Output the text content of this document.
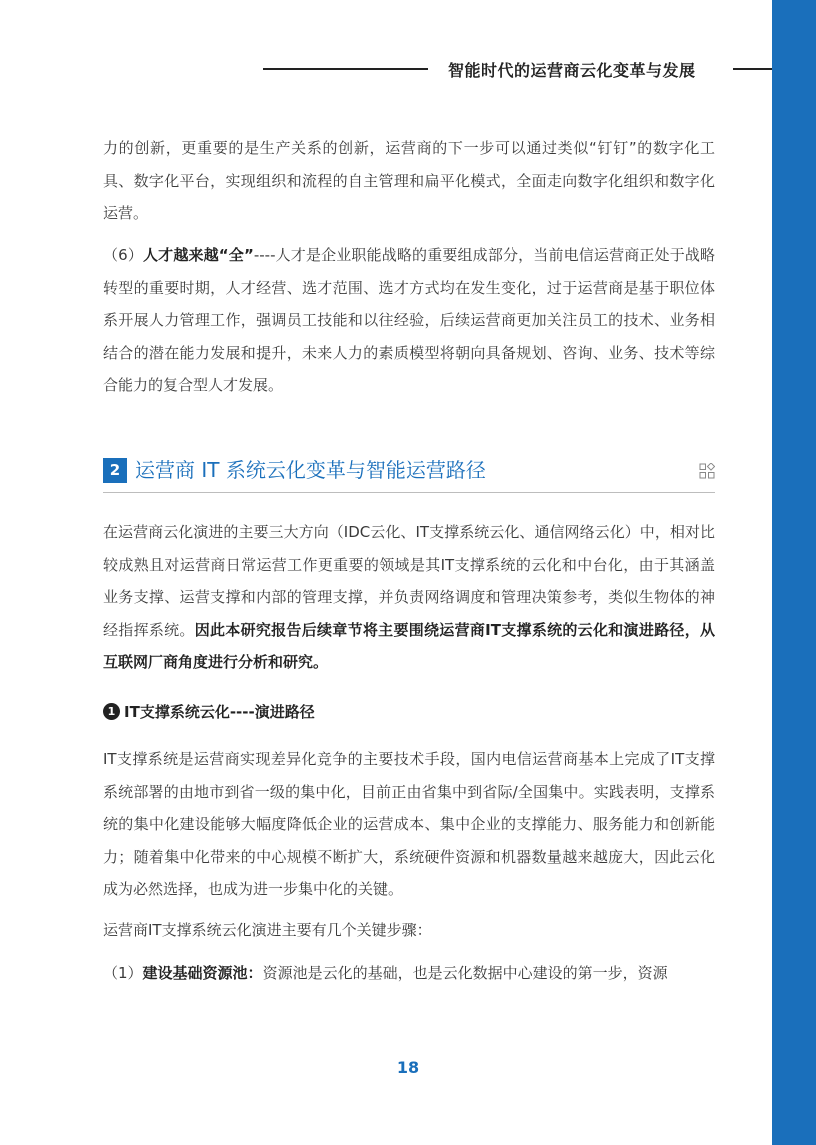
智能时代的运营商云化变革与发展

力的创新，更重要的是生产关系的创新，运营商的下一步可以通过类似“钉钉”的数字化工具、数字化平台，实现组织和流程的自主管理和扁平化模式，全面走向数字化组织和数字化运营。

（6）人才越来越“全”----人才是企业职能战略的重要组成部分，当前电信运营商正处于战略转型的重要时期，人才经营、选才范围、选才方式均在发生变化，过于运营商是基于职位体系开展人力管理工作，强调员工技能和以往经验，后续运营商更加关注员工的技术、业务相结合的潜在能力发展和提升，未来人力的素质模型将朝向具备规划、咨询、业务、技术等综合能力的复合型人才发展。

2 运营商 IT 系统云化变革与智能运营路径

在运营商云化演进的主要三大方向（IDC云化、IT支撑系统云化、通信网络云化）中，相对比较成熟且对运营商日常运营工作更重要的领域是其IT支撑系统的云化和中台化，由于其涵盖业务支撑、运营支撑和内部的管理支撑，并负责网络调度和管理决策参考，类似生物体的神经指挥系统。因此本研究报告后续章节将主要围绕运营商IT支撑系统的云化和演进路径，从互联网厂商角度进行分析和研究。

1 IT支撑系统云化----演进路径

IT支撑系统是运营商实现差异化竞争的主要技术手段，国内电信运营商基本上完成了IT支撑系统部署的由地市到省一级的集中化，目前正由省集中到省际/全国集中。实践表明，支撑系统的集中化建设能够大幅度降低企业的运营成本、集中企业的支撑能力、服务能力和创新能力；随着集中化带来的中心规模不断扩大，系统硬件资源和机器数量越来越庞大，因此云化成为必然选择，也成为进一步集中化的关键。

运营商IT支撑系统云化演进主要有几个关键步骤：

（1）建设基础资源池：资源池是云化的基础，也是云化数据中心建设的第一步，资源

18
